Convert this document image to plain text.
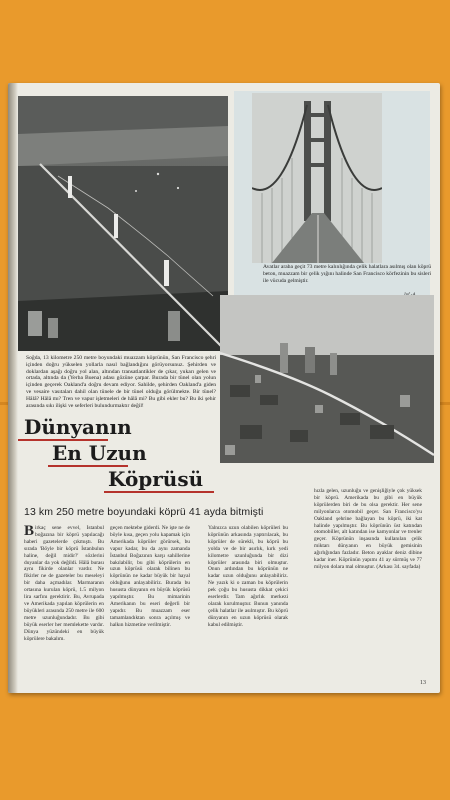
Avatlar araba geçit 73 metre kalınlığında çelik halatlara asılmış olan köprü beton, muazzam bir çelik yığını halinde San Francisco körfezinin bu sisleri ile vücuda gelmiştir.
Soğda, 13 kilometre 250 metre boyundaki muazzam köprünün, San Francisco şehri içinden doğru yükselen yollarla nasıl bağlandığını görüyorsunuz. Şehirden ve doklardan aşağı doğru yol alan, altından transatlantikler de çıkar, yukarı gelen ve ortada, altında da (Yerba Buena) adası gözüne çarpar. Burada bir tünel olan yolun içinden geçerek Oakland'a doğru devam ediyor. Sahilde, şehirden Oakland'a giden ve vesaire vasıtaları dahil olan tünele de bir tünel olduğu görülmekte. Bir tünel? Hâlâ? Hâlâ mı? Tren ve vapur işletmeleri de hâlâ mi? Bu gibi ekler bu? Bu iki şehir arasında sıkı ilişki ve seferleri bulundurmaktır değil!
Dünyanın
En Uzun
Köprüsü
13 km 250 metre boyundaki köprü 41 ayda bitmişti
Birkaç sene evvel, İstanbul boğazına bir köprü yapılacağı haberi gazetelerde çıkmıştı. Bu sırada 'Böyle bir köprü İstanbulun haline, değil midir?' sözlerini duyanlar da yok değildi. Hâlâ burası aynı fikirde olanlar vardır. Ne fikirler ne de gazeteler bu meseleyi bir daha açmadılar. Marmaranın ortasına kurulan köprü, 1.5 milyon lira sarfını gerektirir. Bu, Avrupada ve Amerikada yapılan köprülerin en büyükleri arasında 250 metre ile 600 metre uzunluğundadır. Bu gibi büyük eserler her memlekette vardır. Dünya yüzündeki en büyük köprülere bakalım.
geçen mektebe giderdi. Ne işte ne de böyle kısa, geçen yolu kapamak için Amerikada köprüler görürsek, bu vapur kadar, bu da aynı zamanda İstanbul Boğazının karşı sahillerine bakılabilir, bu gibi köprülerin en uzun köprüsü olarak bilinen bu köprünün ne kadar büyük bir hayal olduğunu anlayabiliriz. Burada bu hususta dünyanın en büyük köprüsü yapılmıştır. Bu mimarinin Amerikanın bu eseri değerli bir yapıdır. Bu muazzam eser tamamlandıktan sonra açılmış ve halkın hizmetine verilmiştir.
Yalnızca uzun olabilen köprüleri bu köprünün arkasında yaptırılacak, bu köprüler de sürekli, bu köprü bu yolda ve de bir asırlık, kırk yedi kilometre uzunluğunda bir dizi köprüler arasında biri olmuştur. Onun ardından bu köprünün ne kadar uzun olduğunu anlayabiliriz. Ne yazık ki o zaman bu köprülerin pek çoğu bu hususta dikkat çekici eserlerdir. Tam ağırlık merkezi olarak kurulmuştur. Bunun yanında çelik halatlar ile asılmıştır. Bu köprü dünyanın en uzun köprüsü olarak kabul edilmiştir.
hızla gelen, uzunluğu ve genişliğiyle çok yüksek bir köprü. Amerikada bu gibi en büyük köprülerden biri de bu olsa gerektir. Her sene milyonlarca otomobil geçer. San Francisco'yu Oakland şehrine bağlayan bu köprü, iki kat halinde yapılmıştır. Bu köprünün üst katından otomobiller, alt katından ise kamyonlar ve trenler geçer. Köprünün inşasında kullanılan çelik miktarı dünyanın en büyük gemisinin ağırlığından fazladır. Beton ayaklar deniz dibine kadar iner. Köprünün yapımı 41 ay sürmüş ve 77 milyon dolara mal olmuştur. (Arkası 34. sayfada)
13
